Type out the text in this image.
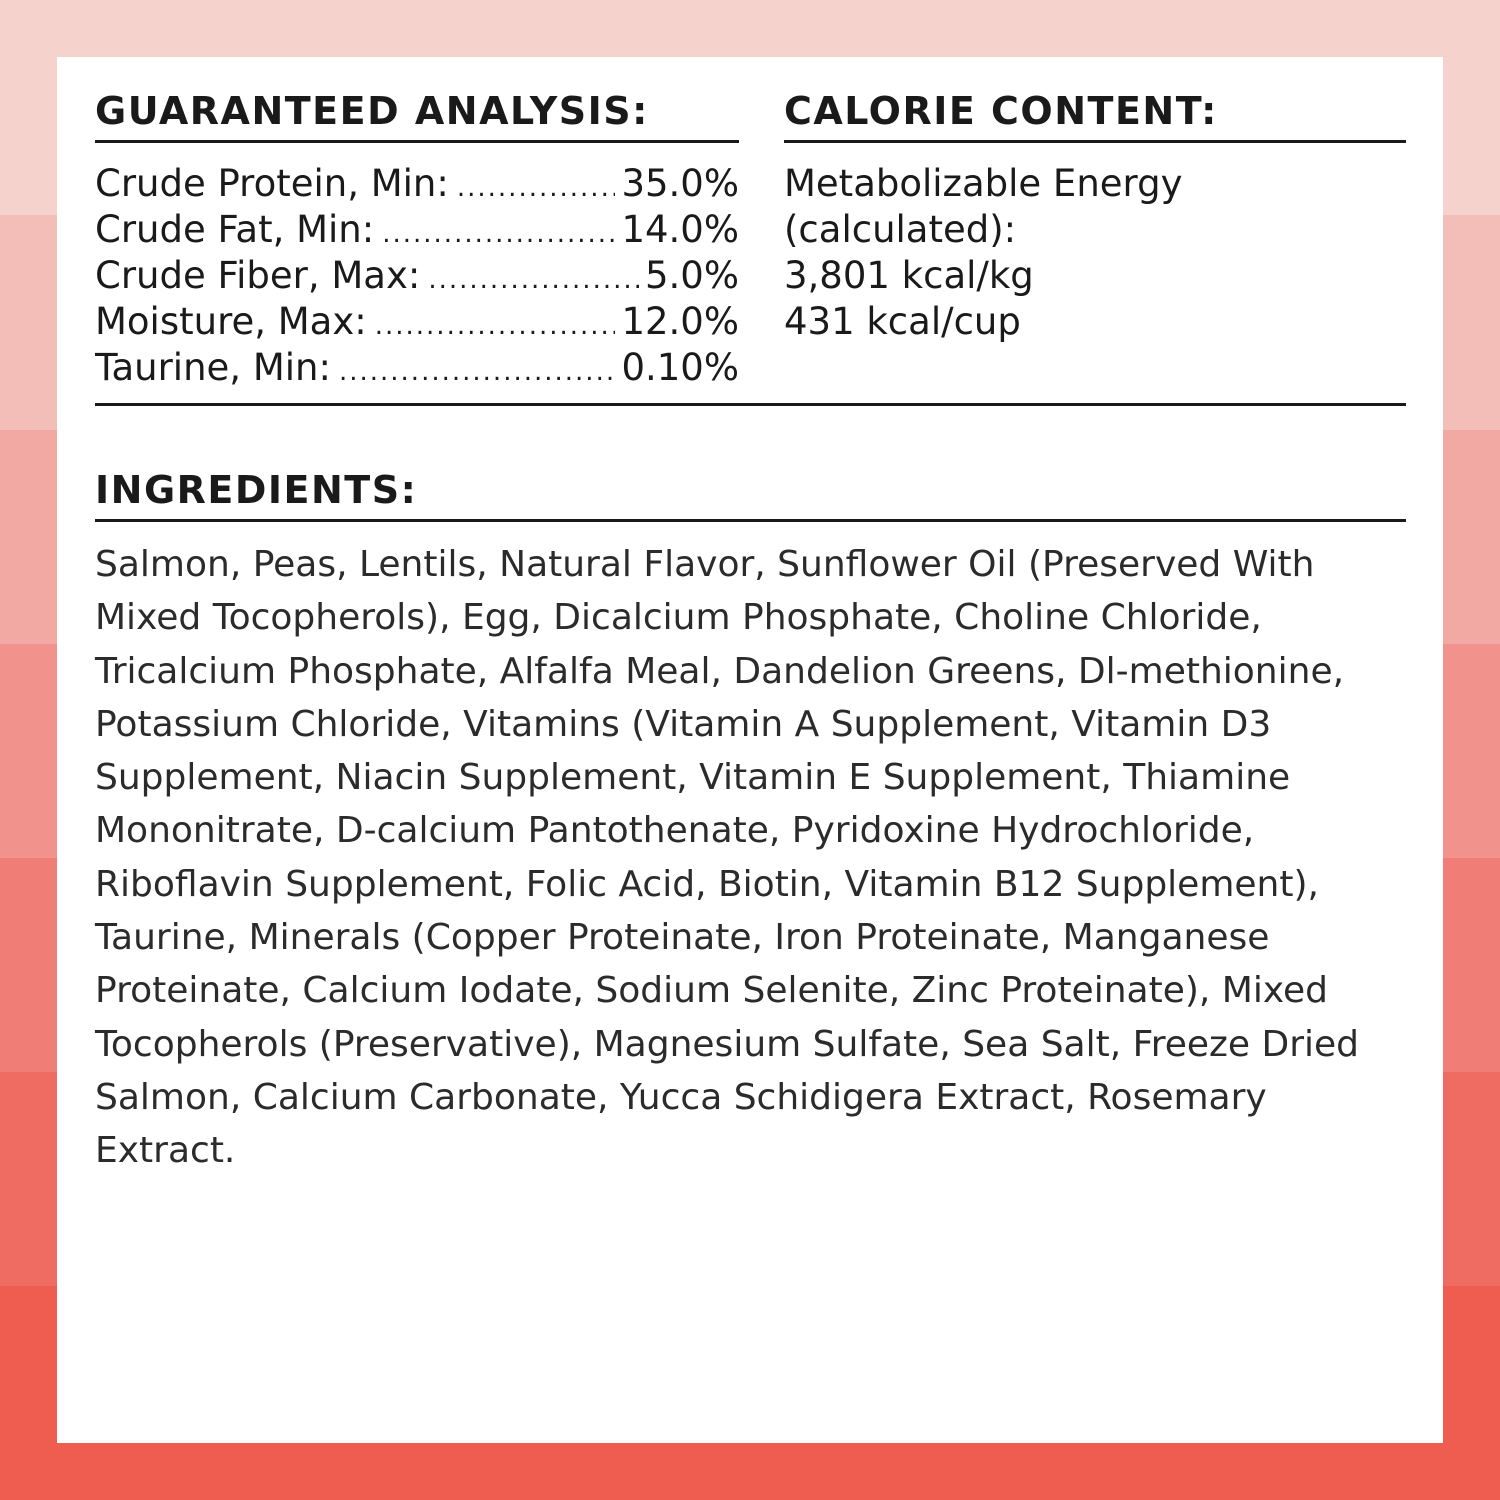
GUARANTEED ANALYSIS:
Crude Protein, Min: .....	35.0%
Crude Fat, Min: .....	14.0%
Crude Fiber, Max: .....	5.0%
Moisture, Max: .....	12.0%
Taurine, Min: .....	0.10%
CALORIE CONTENT:
Metabolizable Energy
(calculated):
3,801 kcal/kg
431 kcal/cup
INGREDIENTS:

Salmon, Peas, Lentils, Natural Flavor, Sunflower Oil (Preserved With Mixed Tocopherols), Egg, Dicalcium Phosphate, Choline Chloride, Tricalcium Phosphate, Alfalfa Meal, Dandelion Greens, Dl-methionine, Potassium Chloride, Vitamins (Vitamin A Supplement, Vitamin D3 Supplement, Niacin Supplement, Vitamin E Supplement, Thiamine Mononitrate, D-calcium Pantothenate, Pyridoxine Hydrochloride, Riboflavin Supplement, Folic Acid, Biotin, Vitamin B12 Supplement), Taurine, Minerals (Copper Proteinate, Iron Proteinate, Manganese Proteinate, Calcium Iodate, Sodium Selenite, Zinc Proteinate), Mixed Tocopherols (Preservative), Magnesium Sulfate, Sea Salt, Freeze Dried Salmon, Calcium Carbonate, Yucca Schidigera Extract, Rosemary Extract.
